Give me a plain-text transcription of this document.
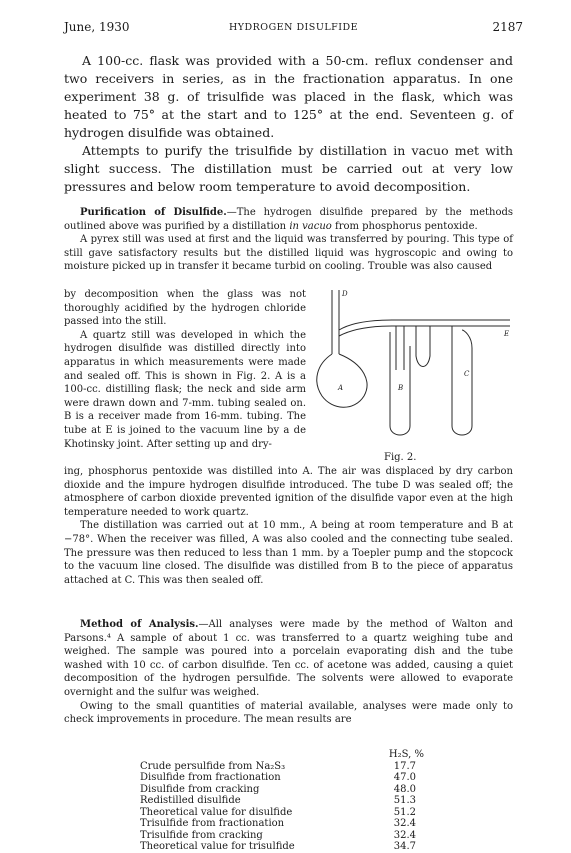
June, 1930	HYDROGEN DISULFIDE	2187

A 100-cc. flask was provided with a 50-cm. reflux condenser and two receivers in series, as in the fractionation apparatus. In one experiment 38 g. of trisulfide was placed in the flask, which was heated to 75° at the start and to 125° at the end. Seventeen g. of hydrogen disulfide was obtained.

Attempts to purify the trisulfide by distillation in vacuo met with slight success. The distillation must be carried out at very low pressures and below room temperature to avoid decomposition.

Purification of Disulfide.—The hydrogen disulfide prepared by the methods outlined above was purified by a distillation in vacuo from phosphorus pentoxide.

A pyrex still was used at first and the liquid was transferred by pouring. This type of still gave satisfactory results but the distilled liquid was hygroscopic and owing to moisture picked up in transfer it became turbid on cooling. Trouble was also caused

by decomposition when the glass was not thoroughly acidified by the hydrogen chloride passed into the still.

A quartz still was developed in which the hydrogen disulfide was distilled directly into apparatus in which measurements were made and sealed off. This is shown in Fig. 2. A is a 100-cc. distilling flask; the neck and side arm were drawn down and 7-mm. tubing sealed on. B is a receiver made from 16-mm. tubing. The tube at E is joined to the vacuum line by a de Khotinsky joint. After setting up and dry-

ing, phosphorus pentoxide was distilled into A. The air was displaced by dry carbon dioxide and the impure hydrogen disulfide introduced. The tube D was sealed off; the atmosphere of carbon dioxide prevented ignition of the disulfide vapor even at the high temperature needed to work quartz.

The distillation was carried out at 10 mm., A being at room temperature and B at −78°. When the receiver was filled, A was also cooled and the connecting tube sealed. The pressure was then reduced to less than 1 mm. by a Toepler pump and the stopcock to the vacuum line closed. The disulfide was distilled from B to the piece of apparatus attached at C. This was then sealed off.

D
E
A	B
C
Fig. 2.

Method of Analysis.—All analyses were made by the method of Walton and Parsons.⁴ A sample of about 1 cc. was transferred to a quartz weighing tube and weighed. The sample was poured into a porcelain evaporating dish and the tube washed with 10 cc. of carbon disulfide. Ten cc. of acetone was added, causing a quiet decomposition of the hydrogen persulfide. The solvents were allowed to evaporate overnight and the sulfur was weighed.

Owing to the small quantities of material available, analyses were made only to check improvements in procedure. The mean results are

H₂S, %
Crude persulfide from Na₂S₃	17.7
Disulfide from fractionation	47.0
Disulfide from cracking	48.0
Redistilled disulfide	51.3
Theoretical value for disulfide	51.2
Trisulfide from fractionation	32.4
Trisulfide from cracking	32.4
Theoretical value for trisulfide	34.7
